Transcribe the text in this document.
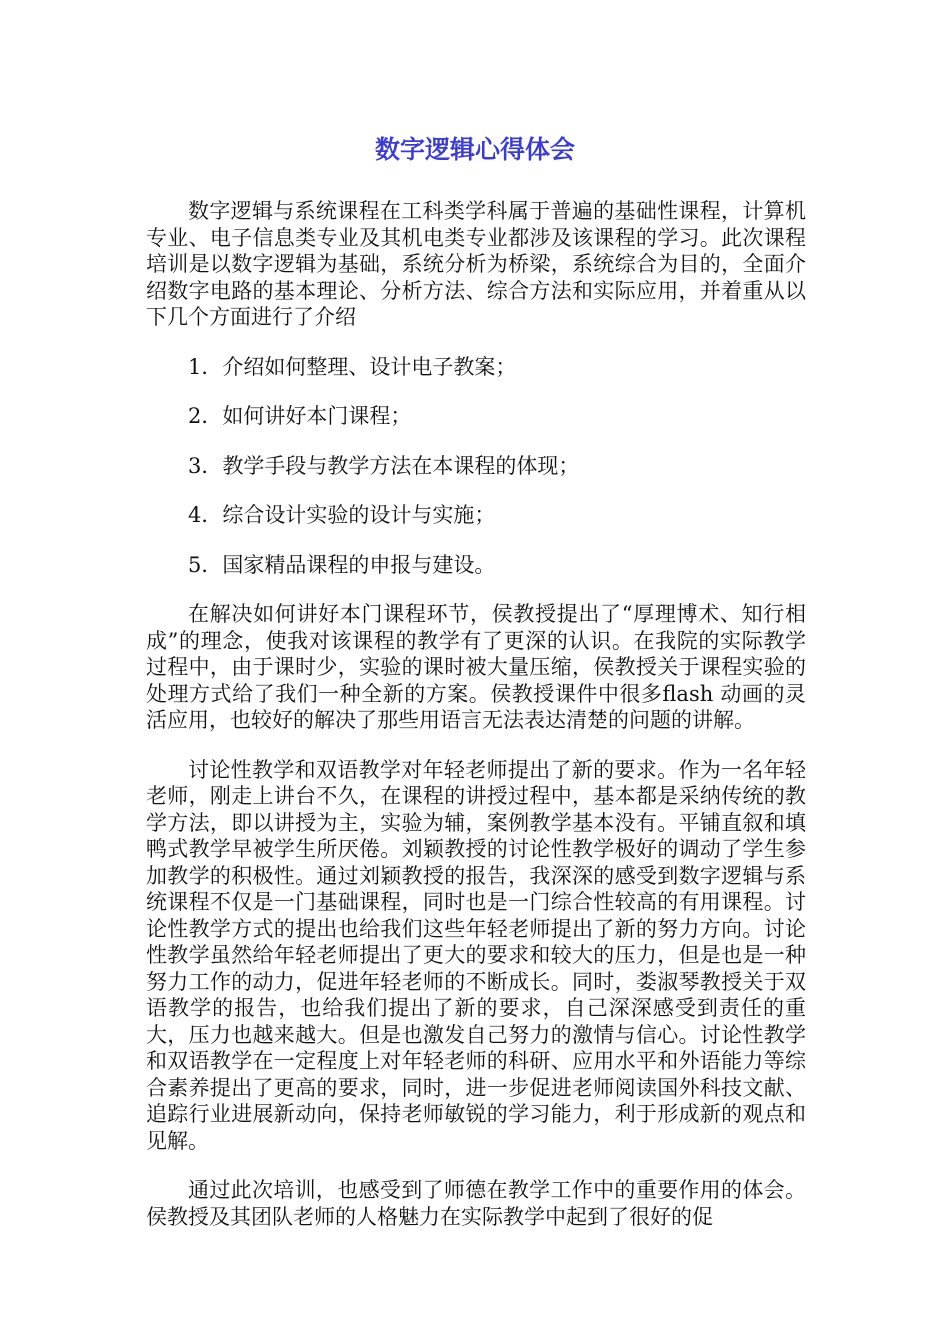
数字逻辑心得体会

数字逻辑与系统课程在工科类学科属于普遍的基础性课程，计算机专业、电子信息类专业及其机电类专业都涉及该课程的学习。此次课程培训是以数字逻辑为基础，系统分析为桥梁，系统综合为目的，全面介绍数字电路的基本理论、分析方法、综合方法和实际应用，并着重从以下几个方面进行了介绍

1．介绍如何整理、设计电子教案；

2．如何讲好本门课程；

3．教学手段与教学方法在本课程的体现；

4．综合设计实验的设计与实施；

5．国家精品课程的申报与建设。

在解决如何讲好本门课程环节，侯教授提出了“厚理博术、知行相成”的理念，使我对该课程的教学有了更深的认识。在我院的实际教学过程中，由于课时少，实验的课时被大量压缩，侯教授关于课程实验的处理方式给了我们一种全新的方案。侯教授课件中很多flash 动画的灵活应用，也较好的解决了那些用语言无法表达清楚的问题的讲解。

讨论性教学和双语教学对年轻老师提出了新的要求。作为一名年轻老师，刚走上讲台不久，在课程的讲授过程中，基本都是采纳传统的教学方法，即以讲授为主，实验为辅，案例教学基本没有。平铺直叙和填鸭式教学早被学生所厌倦。刘颖教授的讨论性教学极好的调动了学生参加教学的积极性。通过刘颖教授的报告，我深深的感受到数字逻辑与系统课程不仅是一门基础课程，同时也是一门综合性较高的有用课程。讨论性教学方式的提出也给我们这些年轻老师提出了新的努力方向。讨论性教学虽然给年轻老师提出了更大的要求和较大的压力，但是也是一种努力工作的动力，促进年轻老师的不断成长。同时，娄淑琴教授关于双语教学的报告，也给我们提出了新的要求，自己深深感受到责任的重大，压力也越来越大。但是也激发自己努力的激情与信心。讨论性教学和双语教学在一定程度上对年轻老师的科研、应用水平和外语能力等综合素养提出了更高的要求，同时，进一步促进老师阅读国外科技文献、追踪行业进展新动向，保持老师敏锐的学习能力，利于形成新的观点和见解。

通过此次培训，也感受到了师德在教学工作中的重要作用的体会。侯教授及其团队老师的人格魅力在实际教学中起到了很好的促
